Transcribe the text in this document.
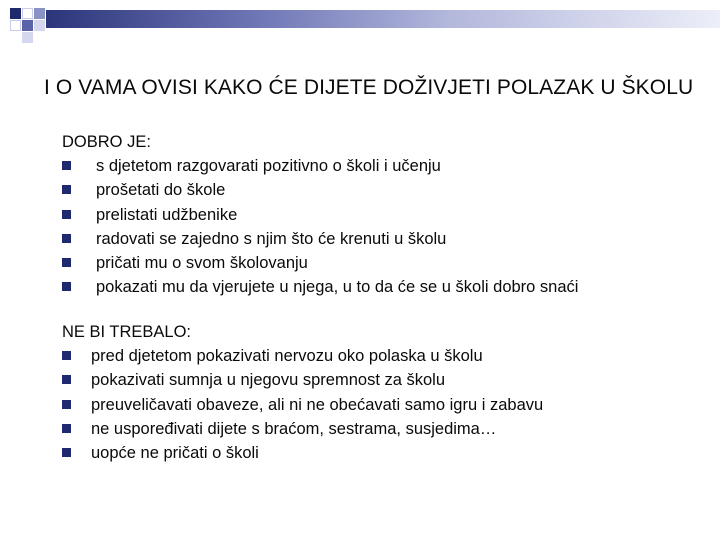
I O VAMA OVISI KAKO ĆE DIJETE DOŽIVJETI POLAZAK U ŠKOLU
DOBRO JE:
s djetetom razgovarati pozitivno o školi i učenju
prošetati do škole
prelistati udžbenike
radovati se zajedno s njim što će krenuti u školu
pričati mu o svom školovanju
pokazati mu da vjerujete u njega, u to da će se u školi dobro snaći
NE BI TREBALO:
pred djetetom pokazivati nervozu oko polaska u školu
pokazivati sumnja u njegovu spremnost za školu
preuveličavati obaveze, ali ni ne obećavati samo igru i zabavu
ne uspoređivati dijete s braćom, sestrama, susjedima…
uopće ne pričati o školi
